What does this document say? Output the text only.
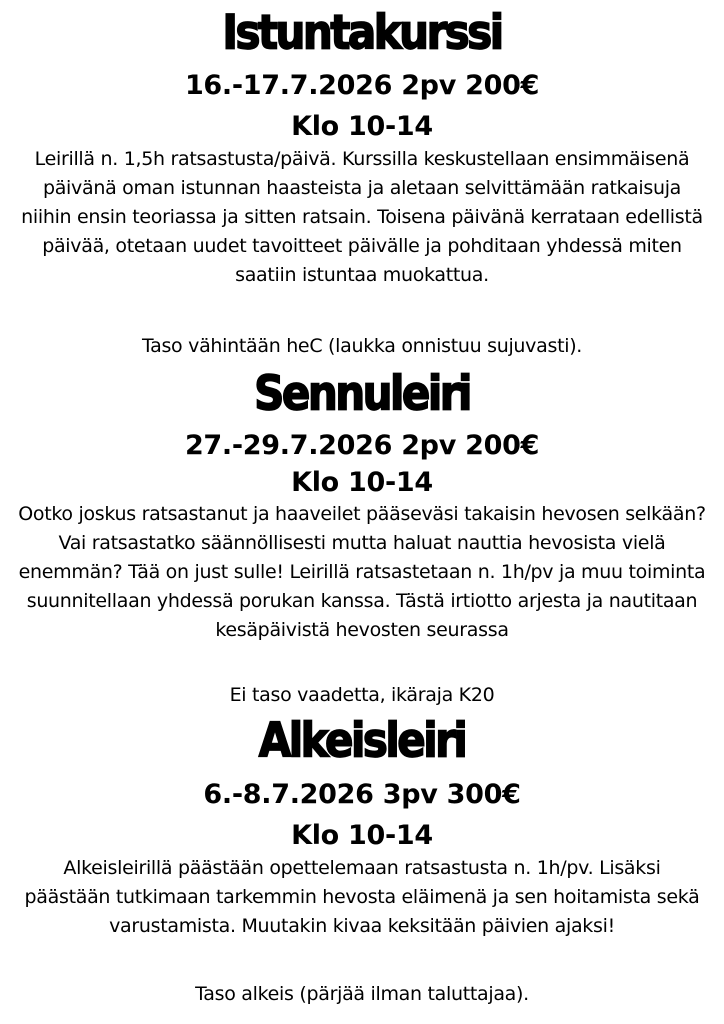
Istuntakurssi

16.-17.7.2026 2pv 200€

Klo 10-14

Leirillä n. 1,5h ratsastusta/päivä. Kurssilla keskustellaan ensimmäisenä päivänä oman istunnan haasteista ja aletaan selvittämään ratkaisuja niihin ensin teoriassa ja sitten ratsain. Toisena päivänä kerrataan edellistä päivää, otetaan uudet tavoitteet päivälle ja pohditaan yhdessä miten saatiin istuntaa muokattua.

Taso vähintään heC (laukka onnistuu sujuvasti).

Sennuleiri

27.-29.7.2026 2pv 200€

Klo 10-14

Ootko joskus ratsastanut ja haaveilet pääseväsi takaisin hevosen selkään? Vai ratsastatko säännöllisesti mutta haluat nauttia hevosista vielä enemmän? Tää on just sulle! Leirillä ratsastetaan n. 1h/pv ja muu toiminta suunnitellaan yhdessä porukan kanssa. Tästä irtiotto arjesta ja nautitaan kesäpäivistä hevosten seurassa

Ei taso vaadetta, ikäraja K20

Alkeisleiri

6.-8.7.2026 3pv 300€

Klo 10-14

Alkeisleirillä päästään opettelemaan ratsastusta n. 1h/pv. Lisäksi päästään tutkimaan tarkemmin hevosta eläimenä ja sen hoitamista sekä varustamista. Muutakin kivaa keksitään päivien ajaksi!

Taso alkeis (pärjää ilman taluttajaa).
